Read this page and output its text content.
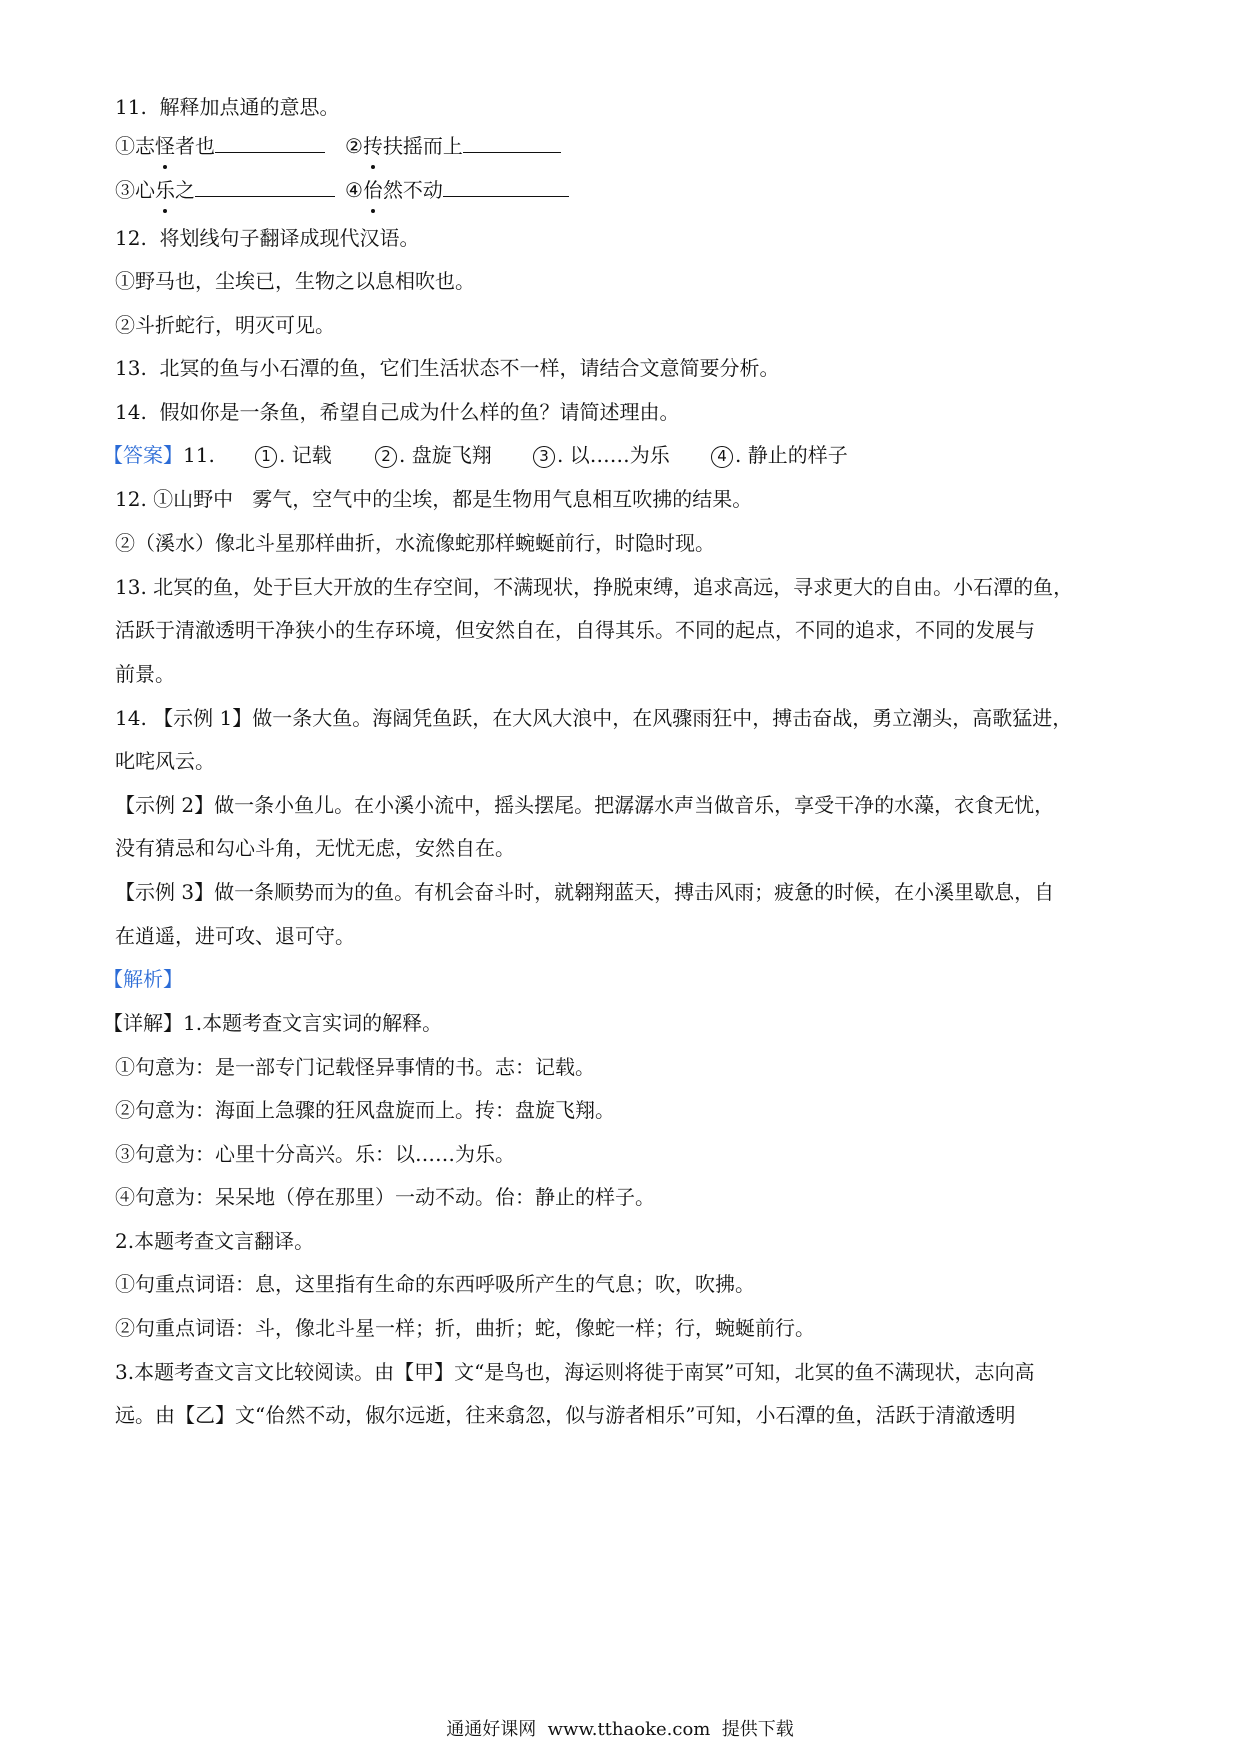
11.  解释加点通的意思。
①志怪者也	②抟扶摇而上
③心乐之	④佁然不动
12.  将划线句子翻译成现代汉语。
①野马也，尘埃已，生物之以息相吹也。
②斗折蛇行，明灭可见。
13.  北冥的鱼与小石潭的鱼，它们生活状态不一样，请结合文意简要分析。
14.  假如你是一条鱼，希望自己成为什么样的鱼？请简述理由。
【答案】11.	1 . 记载	2 . 盘旋飞翔	3 . 以……为乐	4 . 静止的样子
12. ①山野中   雾气，空气中的尘埃，都是生物用气息相互吹拂的结果。
②（溪水）像北斗星那样曲折，水流像蛇那样蜿蜒前行，时隐时现。
13. 北冥的鱼，处于巨大开放的生存空间，不满现状，挣脱束缚，追求高远，寻求更大的自由。小石潭的鱼，
活跃于清澈透明干净狭小的生存环境，但安然自在，自得其乐。不同的起点，不同的追求，不同的发展与
前景。
14. 【示例 1】做一条大鱼。海阔凭鱼跃，在大风大浪中，在风骤雨狂中，搏击奋战，勇立潮头，高歌猛进，
叱咤风云。
【示例 2】做一条小鱼儿。在小溪小流中，摇头摆尾。把潺潺水声当做音乐，享受干净的水藻，衣食无忧，
没有猜忌和勾心斗角，无忧无虑，安然自在。
【示例 3】做一条顺势而为的鱼。有机会奋斗时，就翱翔蓝天，搏击风雨；疲惫的时候，在小溪里歇息，自
在逍遥，进可攻、退可守。
【解析】
【详解】1.本题考查文言实词的解释。
①句意为：是一部专门记载怪异事情的书。志：记载。
②句意为：海面上急骤的狂风盘旋而上。抟：盘旋飞翔。
③句意为：心里十分高兴。乐：以……为乐。
④句意为：呆呆地（停在那里）一动不动。佁：静止的样子。
2.本题考查文言翻译。
①句重点词语：息，这里指有生命的东西呼吸所产生的气息；吹，吹拂。
②句重点词语：斗，像北斗星一样；折，曲折；蛇，像蛇一样；行，蜿蜒前行。
3.本题考查文言文比较阅读。由【甲】文“是鸟也，海运则将徙于南冥”可知，北冥的鱼不满现状，志向高
远。由【乙】文“佁然不动，俶尔远逝，往来翕忽，似与游者相乐”可知，小石潭的鱼，活跃于清澈透明
通通好课网  www.tthaoke.com  提供下载
